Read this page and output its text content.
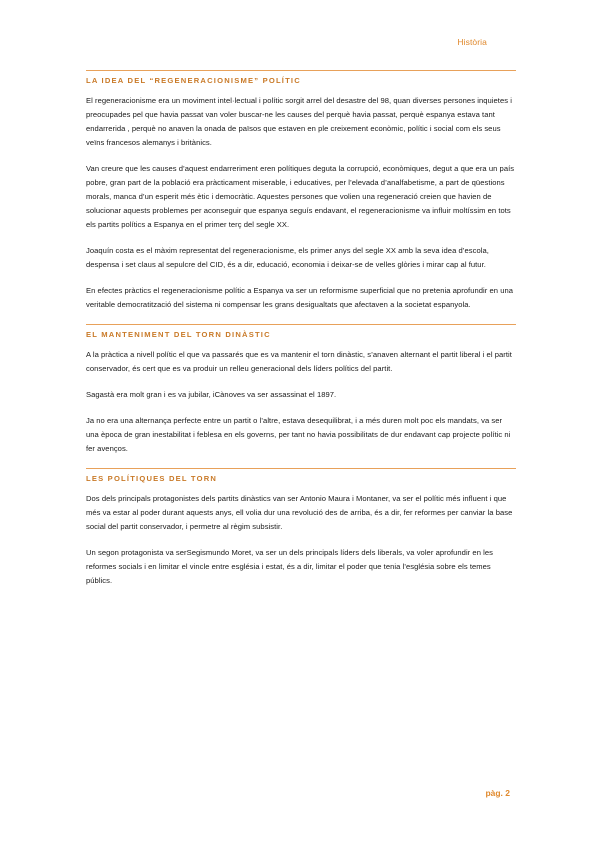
Història
LA IDEA DEL “REGENERACIONISME” POLÍTIC

El regeneracionisme era un moviment intel·lectual i polític sorgit arrel del desastre del 98, quan diverses persones inquietes i preocupades pel que havia passat van voler buscar-ne les causes del perquè havia passat, perquè espanya estava tant endarrerida , perquè no anaven la onada de països que estaven en ple creixement econòmic, polític i social com els seus veïns francesos alemanys i britànics.

Van creure que les causes d’aquest endarreriment eren polítiques deguta la corrupció, econòmiques, degut a que era un país pobre, gran part de la població era pràcticament miserable, i educatives, per l’elevada d’analfabetisme, a part de qüestions morals, manca d’un esperit més ètic i democràtic. Aquestes persones que volien una regeneració creien que havien de solucionar aquests problemes per aconseguir que espanya seguís endavant, el regeneracionisme va influir moltíssim en tots els partits polítics a Espanya en el primer terç del segle XX.

Joaquín costa es el màxim representat del regeneracionisme, els primer anys del segle XX amb la seva idea d’escola, despensa i set claus al sepulcre del CID, és a dir, educació, economia i deixar-se de velles glòries i mirar cap al futur.

En efectes pràctics el regeneracionisme polític a Espanya va ser un reformisme superficial que no pretenia aprofundir en una veritable democratització del sistema ni compensar les grans desigualtats que afectaven a la societat espanyola.

EL MANTENIMENT DEL TORN DINÀSTIC

A la pràctica a nivell polític el que va passarés que es va mantenir el torn dinàstic, s’anaven alternant el partit liberal i el partit conservador, és cert que es va produir un relleu generacional dels líders polítics del partit.

Sagastà era molt gran i es va jubilar, iCànoves va ser assassinat el 1897.

Ja no era una alternança perfecte entre un partit o l’altre, estava desequilibrat, i a més duren molt poc els mandats, va ser una època de gran inestabilitat i feblesa en els governs, per tant no havia possibilitats de dur endavant cap projecte polític ni fer avenços.

LES POLÍTIQUES DEL TORN

Dos dels principals protagonistes dels partits dinàstics van ser Antonio Maura i Montaner, va ser el polític més influent i que més va estar al poder durant aquests anys, ell volia dur una revolució des de arriba, és a dir, fer reformes per canviar la base social del partit conservador, i permetre al règim subsistir.

Un segon protagonista va serSegismundo Moret, va ser un dels principals líders dels liberals, va voler aprofundir en les reformes socials i en limitar el vincle entre església i estat, és a dir, limitar el poder que tenia l’església sobre els temes públics.

pàg. 2
